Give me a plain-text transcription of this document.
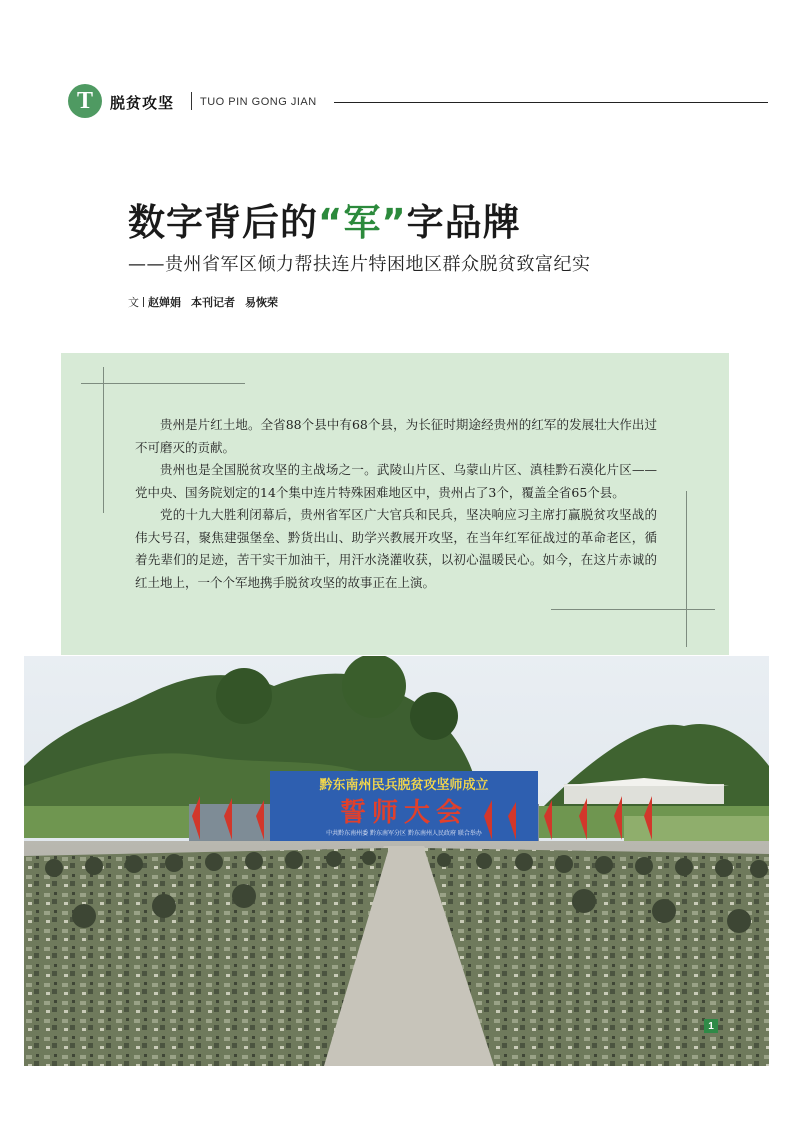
T	脱贫攻坚 TUO PIN GONG JIAN
数字背后的“军”字品牌
——贵州省军区倾力帮扶连片特困地区群众脱贫致富纪实
文 赵婵娟 本刊记者 易恢荣

贵州是片红土地。全省88个县中有68个县，为长征时期途经贵州的红军的发展壮大作出过不可磨灭的贡献。

贵州也是全国脱贫攻坚的主战场之一。武陵山片区、乌蒙山片区、滇桂黔石漠化片区——党中央、国务院划定的14个集中连片特殊困难地区中，贵州占了3个，覆盖全省65个县。

党的十九大胜利闭幕后，贵州省军区广大官兵和民兵，坚决响应习主席打赢脱贫攻坚战的伟大号召，聚焦建强堡垒、黔货出山、助学兴教展开攻坚，在当年红军征战过的革命老区，循着先辈们的足迹，苦干实干加油干，用汗水浇灌收获，以初心温暖民心。如今，在这片赤诚的红土地上，一个个军地携手脱贫攻坚的故事正在上演。

黔东南州民兵脱贫攻坚师成立
誓师大会
中共黔东南州委 黔东南军分区 黔东南州人民政府 联合举办
1
